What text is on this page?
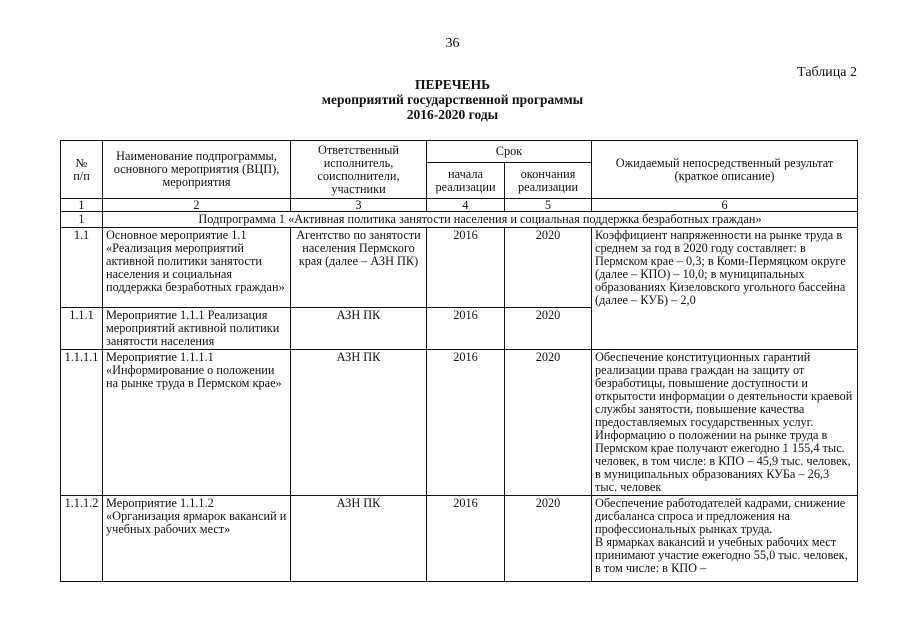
36
Таблица 2
ПЕРЕЧЕНЬ
мероприятий государственной программы
2016-2020 годы
№ п/п	Наименование подпрограммы, основного мероприятия (ВЦП), мероприятия	Ответственный исполнитель, соисполнители, участники	Срок		Ожидаемый непосредственный результат (краткое описание)
			начала реализации	окончания реализации	
1	2	3	4	5	6
1	Подпрограмма 1 «Активная политика занятости населения и социальная поддержка безработных граждан»				
1.1	Основное мероприятие 1.1 «Реализация мероприятий активной политики занятости населения и социальная поддержка безработных граждан»	Агентство по занятости населения Пермского края (далее – АЗН ПК)	2016	2020	Коэффициент напряженности на рынке труда в среднем за год в 2020 году составляет: в Пермском крае – 0,3; в Коми-Пермяцком округе (далее – КПО) – 10,0; в муниципальных образованиях Кизеловского угольного бассейна (далее – КУБ) – 2,0
1.1.1	Мероприятие 1.1.1 Реализация мероприятий активной политики занятости населения	АЗН ПК	2016	2020	
1.1.1.1	Мероприятие 1.1.1.1 «Информирование о положении на рынке труда в Пермском крае»	АЗН ПК	2016	2020	Обеспечение конституционных гарантий реализации права граждан на защиту от безработицы, повышение доступности и открытости информации о деятельности краевой службы занятости, повышение качества предоставляемых государственных услуг. Информацию о положении на рынке труда в Пермском крае получают ежегодно 1 155,4 тыс. человек, в том числе: в КПО – 45,9 тыс. человек, в муниципальных образованиях КУБа – 26,3 тыс. человек
1.1.1.2	Мероприятие 1.1.1.2 «Организация ярмарок вакансий и учебных рабочих мест»	АЗН ПК	2016	2020	Обеспечение работодателей кадрами, снижение дисбаланса спроса и предложения на профессиональных рынках труда.
В ярмарках вакансий и учебных рабочих мест принимают участие ежегодно 55,0 тыс. человек, в том числе: в КПО –
